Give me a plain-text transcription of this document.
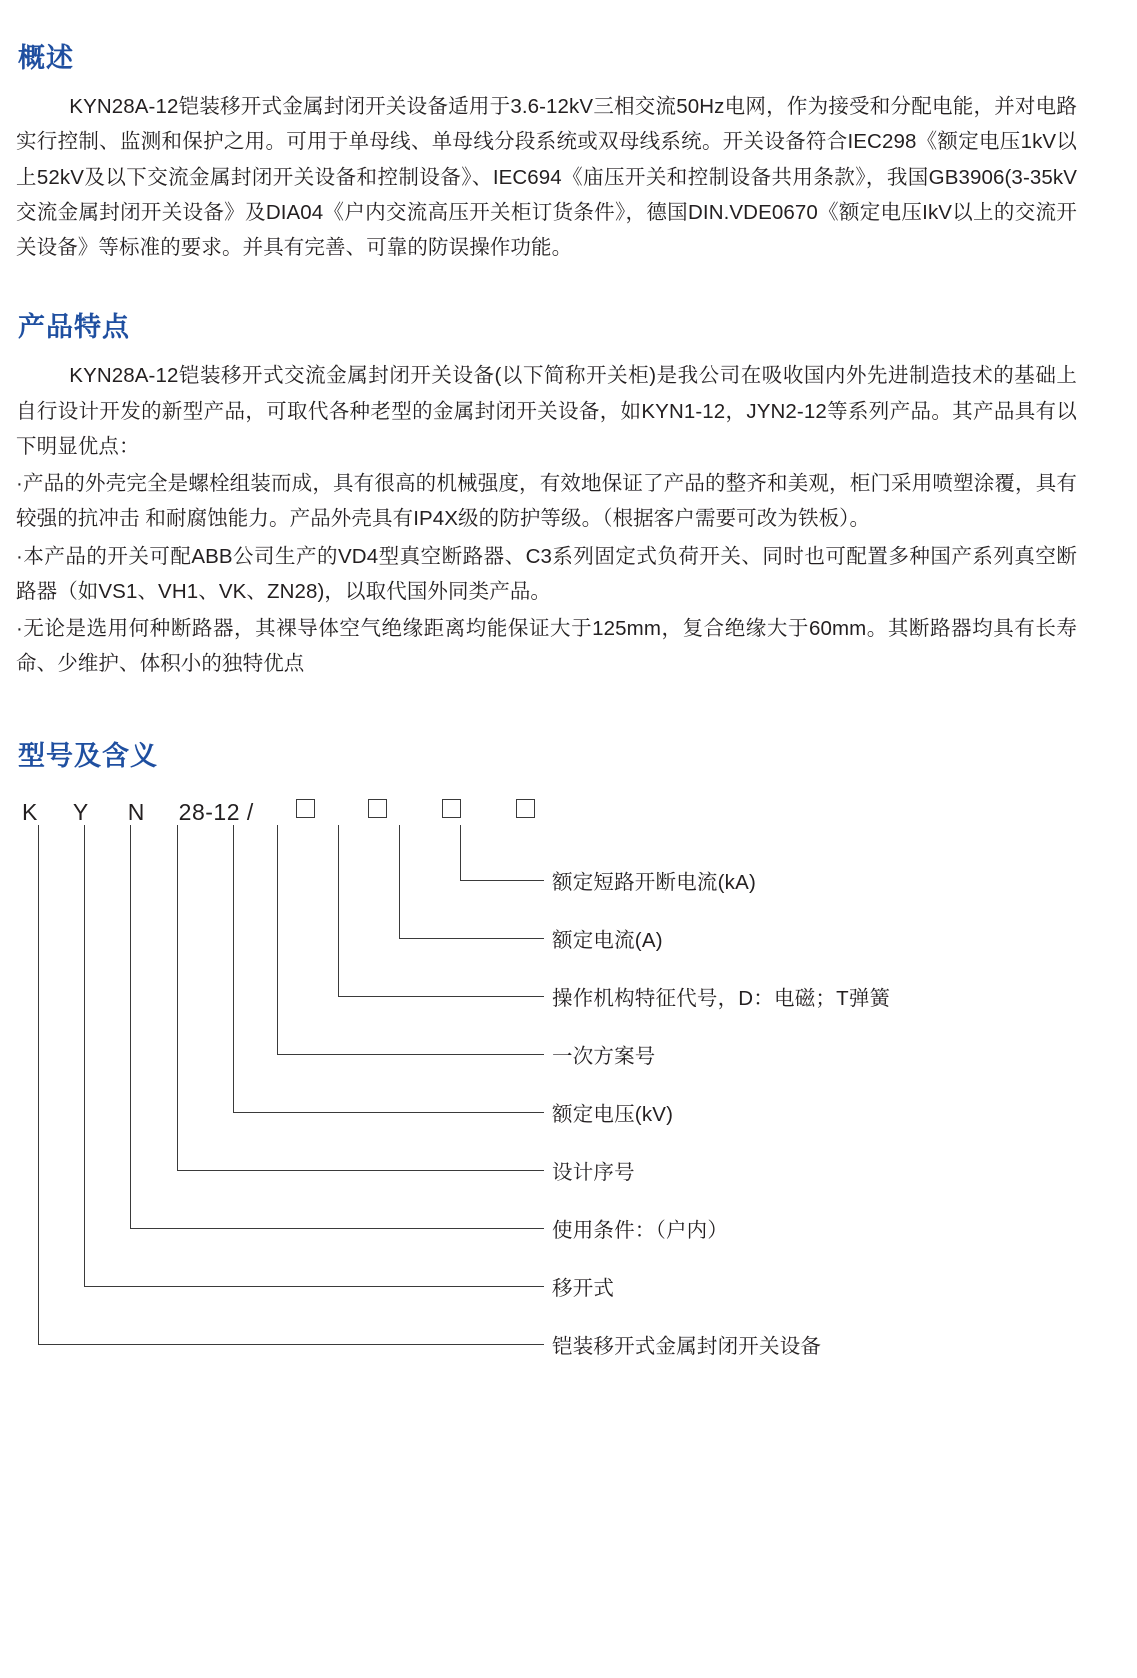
概述

KYN28A-12铠装移开式金属封闭开关设备适用于3.6-12kV三相交流50Hz电网，作为接受和分配电能，并对电路实行控制、监测和保护之用。可用于单母线、单母线分段系统或双母线系统。开关设备符合IEC298《额定电压1kV以上52kV及以下交流金属封闭开关设备和控制设备》、IEC694《庙压开关和控制设备共用条款》，我国GB3906(3-35kV交流金属封闭开关设备》及DIA04《户内交流高压开关柜订货条件》，德国DIN.VDE0670《额定电压IkV以上的交流开关设备》等标准的要求。并具有完善、可靠的防误操作功能。

产品特点

KYN28A-12铠装移开式交流金属封闭开关设备(以下简称开关柜)是我公司在吸收国内外先进制造技术的基础上自行设计开发的新型产品，可取代各种老型的金属封闭开关设备，如KYN1-12，JYN2-12等系列产品。其产品具有以下明显优点：

·产品的外壳完全是螺栓组装而成，具有很高的机械强度，有效地保证了产品的整齐和美观，柜门采用喷塑涂覆，具有较强的抗冲击 和耐腐蚀能力。产品外壳具有IP4X级的防护等级。（根据客户需要可改为铁板）。

·本产品的开关可配ABB公司生产的VD4型真空断路器、C3系列固定式负荷开关、同时也可配置多种国产系列真空断路器（如VS1、VH1、VK、ZN28)，以取代国外同类产品。

·无论是选用何种断路器，其裸导体空气绝缘距离均能保证大于125mm，复合绝缘大于60mm。其断路器均具有长寿命、少维护、体积小的独特优点

型号及含义
K Y N 28-12 /
额定短路开断电流(kA)
额定电流(A)
操作机构特征代号，D：电磁；T弹簧
一次方案号
额定电压(kV)
设计序号
使用条件：（户内）
移开式
铠装移开式金属封闭开关设备
